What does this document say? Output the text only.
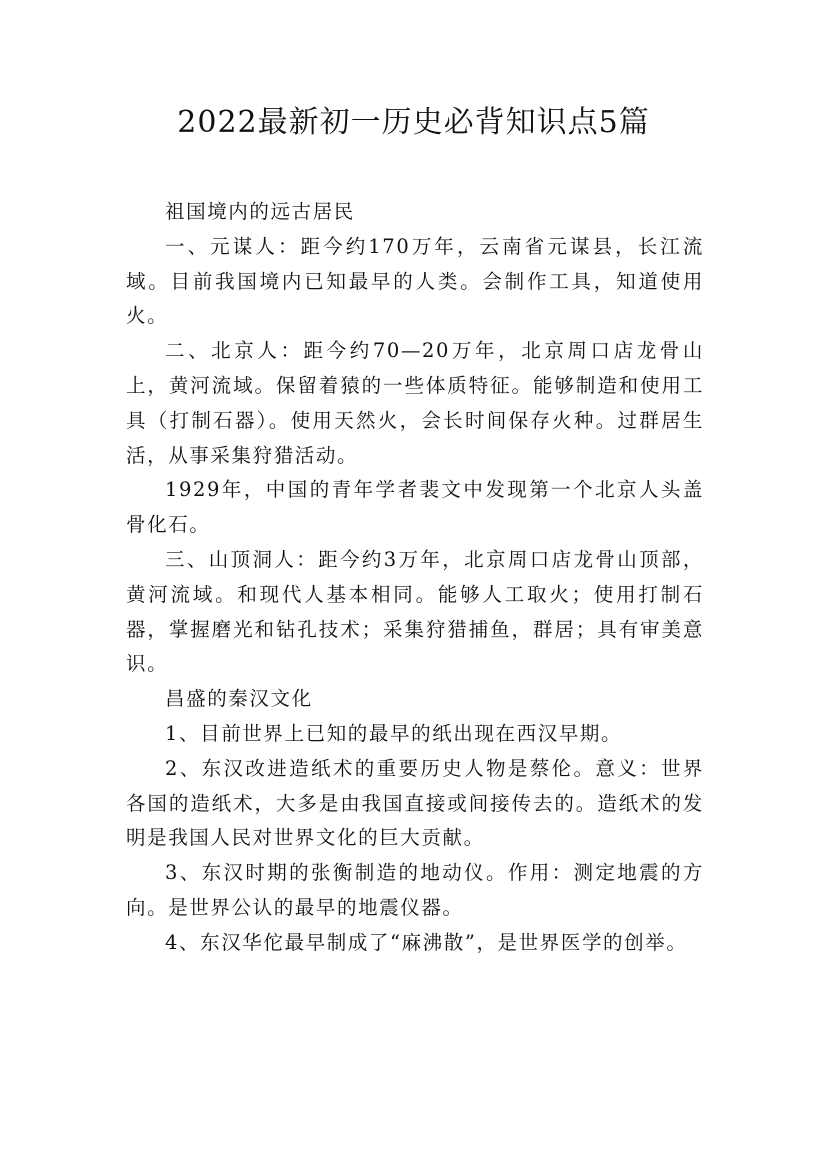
2022最新初一历史必背知识点5篇

祖国境内的远古居民

一、元谋人：距今约170万年，云南省元谋县，长江流域。目前我国境内已知最早的人类。会制作工具，知道使用火。

二、北京人：距今约70—20万年，北京周口店龙骨山上，黄河流域。保留着猿的一些体质特征。能够制造和使用工具（打制石器）。使用天然火，会长时间保存火种。过群居生活，从事采集狩猎活动。

1929年，中国的青年学者裴文中发现第一个北京人头盖骨化石。

三、山顶洞人：距今约3万年，北京周口店龙骨山顶部，黄河流域。和现代人基本相同。能够人工取火；使用打制石器，掌握磨光和钻孔技术；采集狩猎捕鱼，群居；具有审美意识。

昌盛的秦汉文化

1、目前世界上已知的最早的纸出现在西汉早期。

2、东汉改进造纸术的重要历史人物是蔡伦。意义：世界各国的造纸术，大多是由我国直接或间接传去的。造纸术的发明是我国人民对世界文化的巨大贡献。

3、东汉时期的张衡制造的地动仪。作用：测定地震的方向。是世界公认的最早的地震仪器。

4、东汉华佗最早制成了“麻沸散”，是世界医学的创举。
